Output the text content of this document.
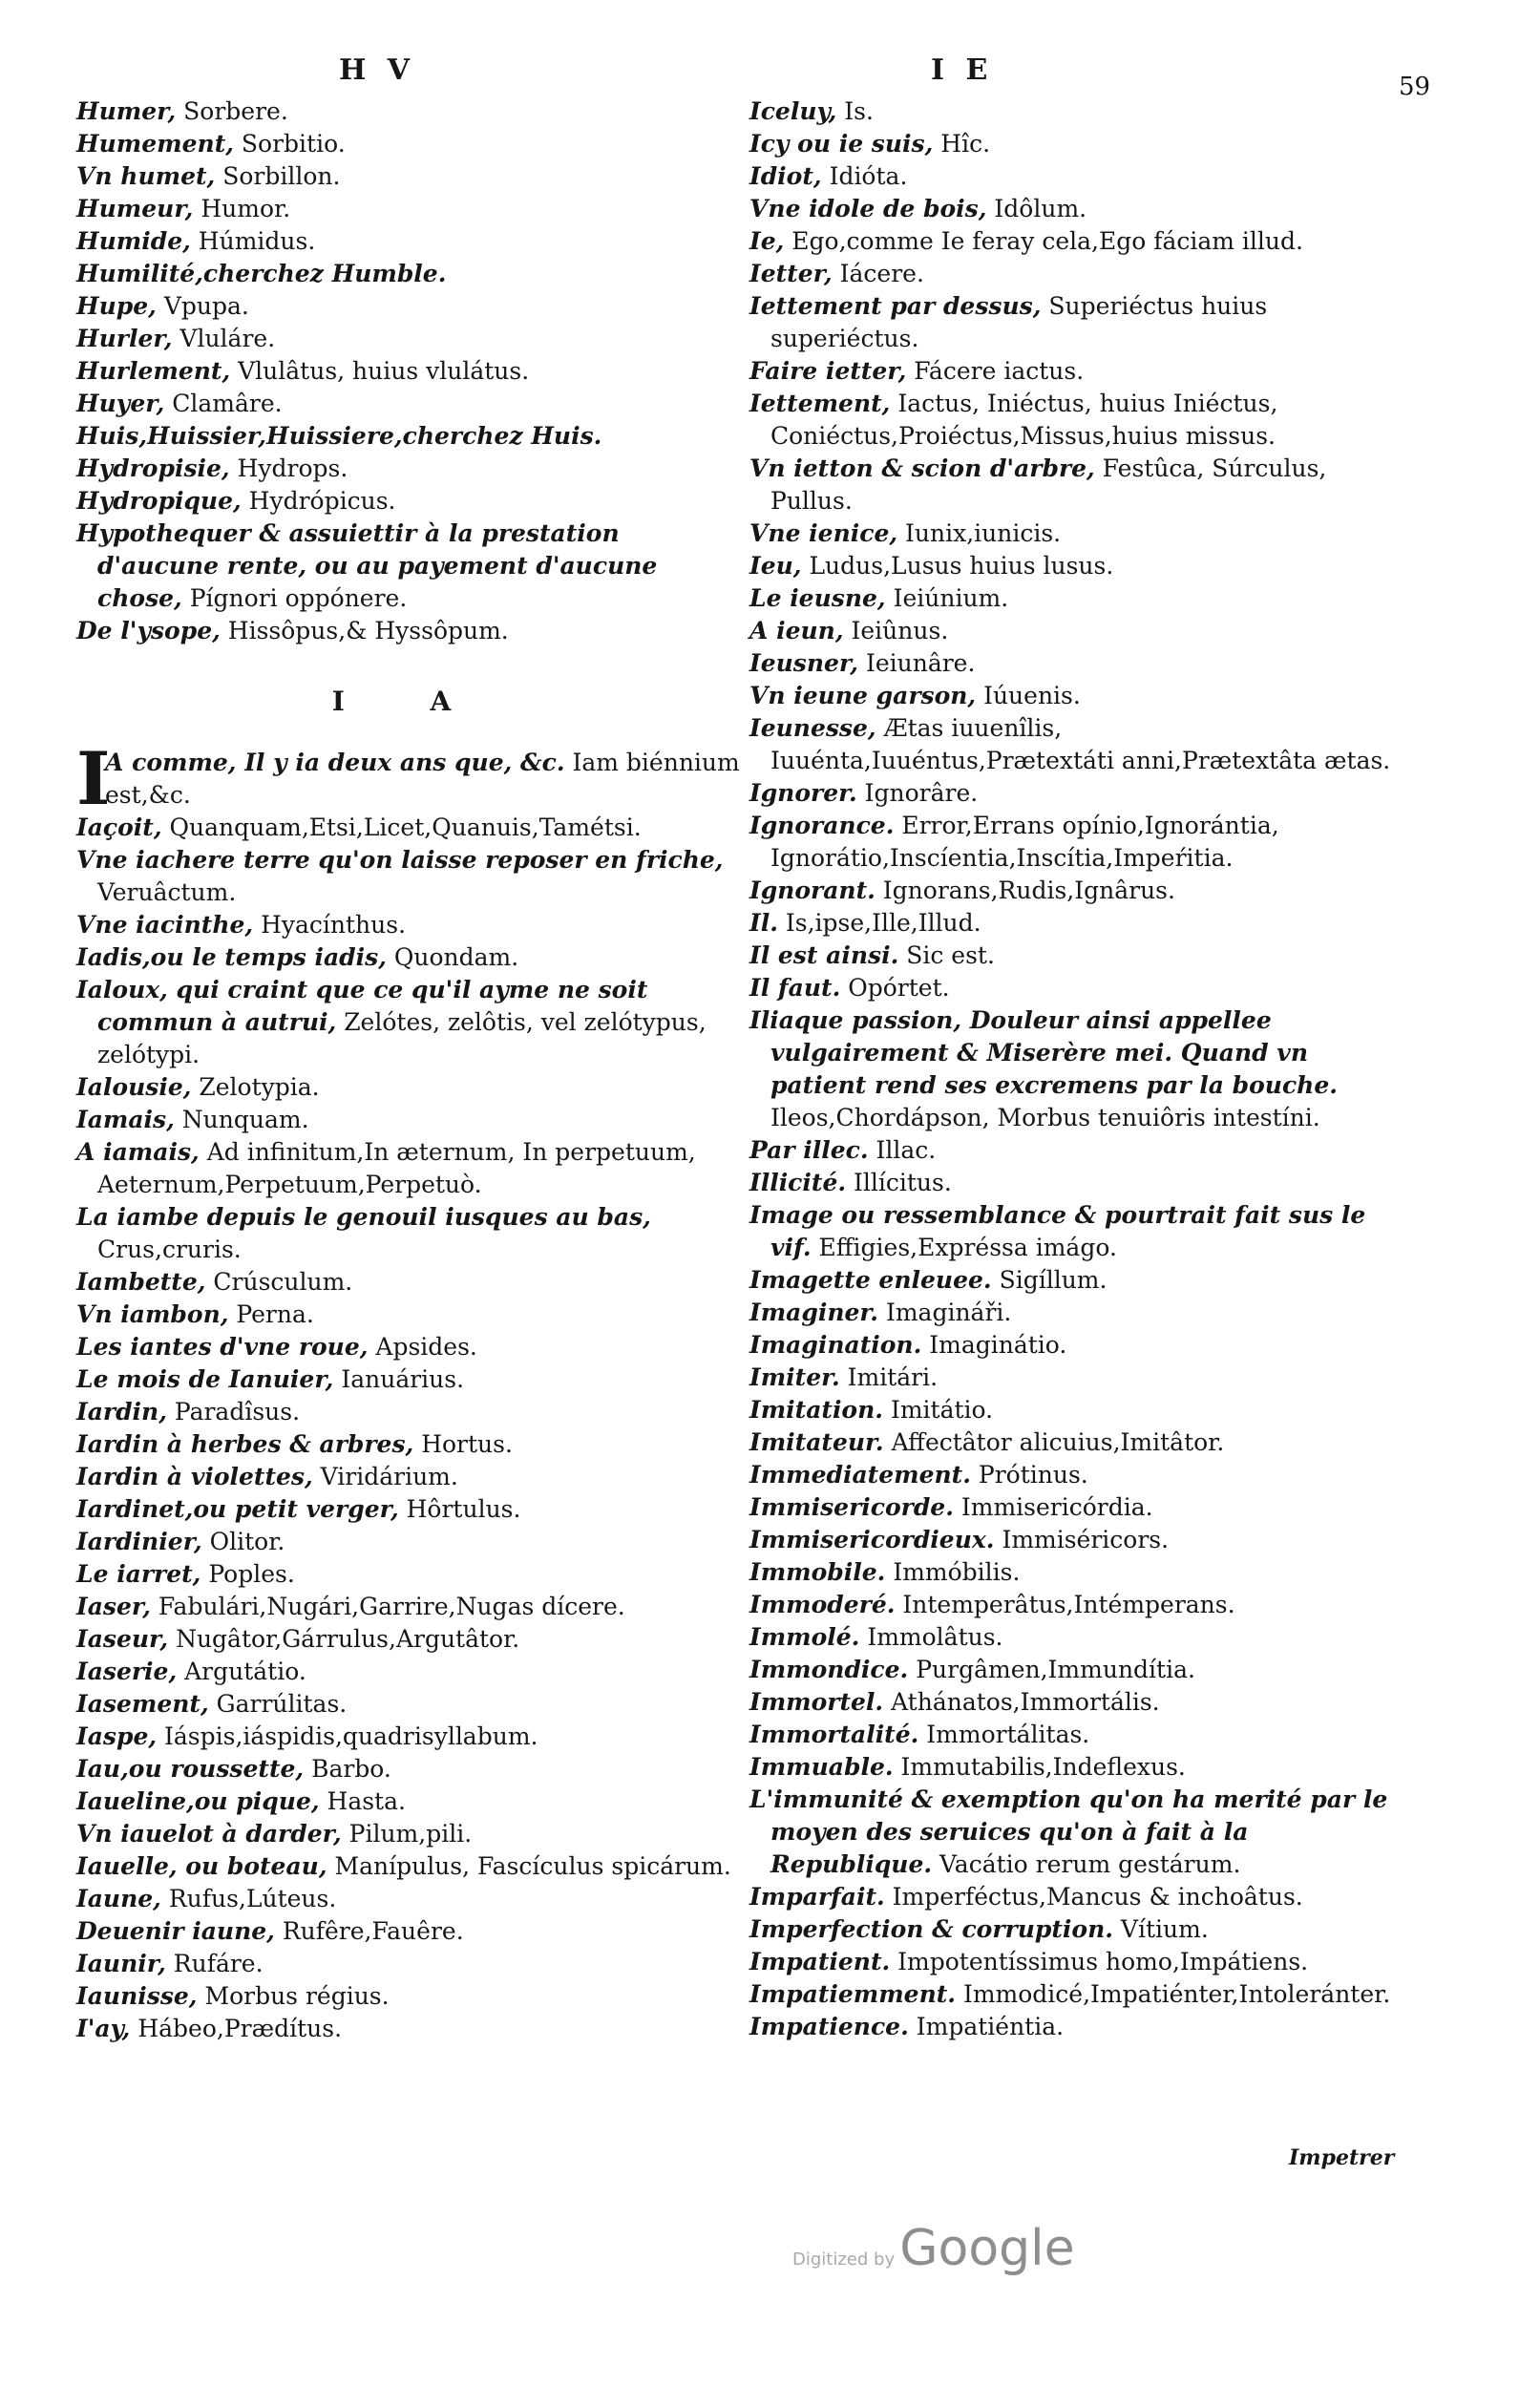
H V	I E	59

Humer, Sorbere.

Humement, Sorbitio.

Vn humet, Sorbillon.

Humeur, Humor.

Humide, Húmidus.

Humilité,cherchez Humble.

Hupe, Vpupa.

Hurler, Vluláre.

Hurlement, Vlulâtus, huius vlulátus.

Huyer, Clamâre.

Huis,Huissier,Huissiere,cherchez Huis.

Hydropisie, Hydrops.

Hydropique, Hydrópicus.

Hypothequer & assuiettir à la prestation d'aucune rente, ou au payement d'aucune chose, Pígnori oppónere.

De l'ysope, Hissôpus,& Hyssôpum.

I A

I
A comme, Il y ia deux ans que, &c. Iam biénnium est,&c.

Iaçoit, Quanquam,Etsi,Licet,Quanuis,Tamétsi.

Vne iachere terre qu'on laisse reposer en friche, Veruâctum.

Vne iacinthe, Hyacínthus.

Iadis,ou le temps iadis, Quondam.

Ialoux, qui craint que ce qu'il ayme ne soit commun à autrui, Zelótes, zelôtis, vel zelótypus, zelótypi.

Ialousie, Zelotypia.

Iamais, Nunquam.

A iamais, Ad infinitum,In æternum, In perpetuum, Aeternum,Perpetuum,Perpetuò.

La iambe depuis le genouil iusques au bas, Crus,cruris.

Iambette, Crúsculum.

Vn iambon, Perna.

Les iantes d'vne roue, Apsides.

Le mois de Ianuier, Ianuárius.

Iardin, Paradîsus.

Iardin à herbes & arbres, Hortus.

Iardin à violettes, Viridárium.

Iardinet,ou petit verger, Hôrtulus.

Iardinier, Olitor.

Le iarret, Poples.

Iaser, Fabulári,Nugári,Garrire,Nugas dícere.

Iaseur, Nugâtor,Gárrulus,Argutâtor.

Iaserie, Argutátio.

Iasement, Garrúlitas.

Iaspe, Iáspis,iáspidis,quadrisyllabum.

Iau,ou roussette, Barbo.

Iaueline,ou pique, Hasta.

Vn iauelot à darder, Pilum,pili.

Iauelle, ou boteau, Manípulus, Fascículus spicárum.

Iaune, Rufus,Lúteus.

Deuenir iaune, Rufêre,Fauêre.

Iaunir, Rufáre.

Iaunisse, Morbus régius.

I'ay, Hábeo,Prædítus.

Iceluy, Is.

Icy ou ie suis, Hîc.

Idiot, Idióta.

Vne idole de bois, Idôlum.

Ie, Ego,comme Ie feray cela,Ego fáciam illud.

Ietter, Iácere.

Iettement par dessus, Superiéctus huius superiéctus.

Faire ietter, Fácere iactus.

Iettement, Iactus, Iniéctus, huius Iniéctus, Coniéctus,Proiéctus,Missus,huius missus.

Vn ietton & scion d'arbre, Festûca, Súrculus, Pullus.

Vne ienice, Iunix,iunicis.

Ieu, Ludus,Lusus huius lusus.

Le ieusne, Ieiúnium.

A ieun, Ieiûnus.

Ieusner, Ieiunâre.

Vn ieune garson, Iúuenis.

Ieunesse, Ætas iuuenîlis, Iuuénta,Iuuéntus,Prætextáti anni,Prætextâta ætas.

Ignorer. Ignorâre.

Ignorance. Error,Errans opínio,Ignorántia, Ignorátio,Inscíentia,Inscítia,Impeŕitia.

Ignorant. Ignorans,Rudis,Ignârus.

Il. Is,ipse,Ille,Illud.

Il est ainsi. Sic est.

Il faut. Opórtet.

Iliaque passion, Douleur ainsi appellee vulgairement & Miserère mei. Quand vn patient rend ses excremens par la bouche. Ileos,Chordápson, Morbus tenuiôris intestíni.

Par illec. Illac.

Illicité. Illícitus.

Image ou ressemblance & pourtrait fait sus le vif. Effigies,Expréssa imágo.

Imagette enleuee. Sigíllum.

Imaginer. Imagináři.

Imagination. Imaginátio.

Imiter. Imitári.

Imitation. Imitátio.

Imitateur. Affectâtor alicuius,Imitâtor.

Immediatement. Prótinus.

Immisericorde. Immisericórdia.

Immisericordieux. Immiséricors.

Immobile. Immóbilis.

Immoderé. Intemperâtus,Intémperans.

Immolé. Immolâtus.

Immondice. Purgâmen,Immundítia.

Immortel. Athánatos,Immortális.

Immortalité. Immortálitas.

Immuable. Immutabilis,Indeflexus.

L'immunité & exemption qu'on ha merité par le moyen des seruices qu'on à fait à la Republique. Vacátio rerum gestárum.

Imparfait. Imperféctus,Mancus & inchoâtus.

Imperfection & corruption. Vítium.

Impatient. Impotentíssimus homo,Impátiens.

Impatiemment. Immodicé,Impatiénter,Intoleránter.

Impatience. Impatiéntia.

Impetrer
Digitized by Google
